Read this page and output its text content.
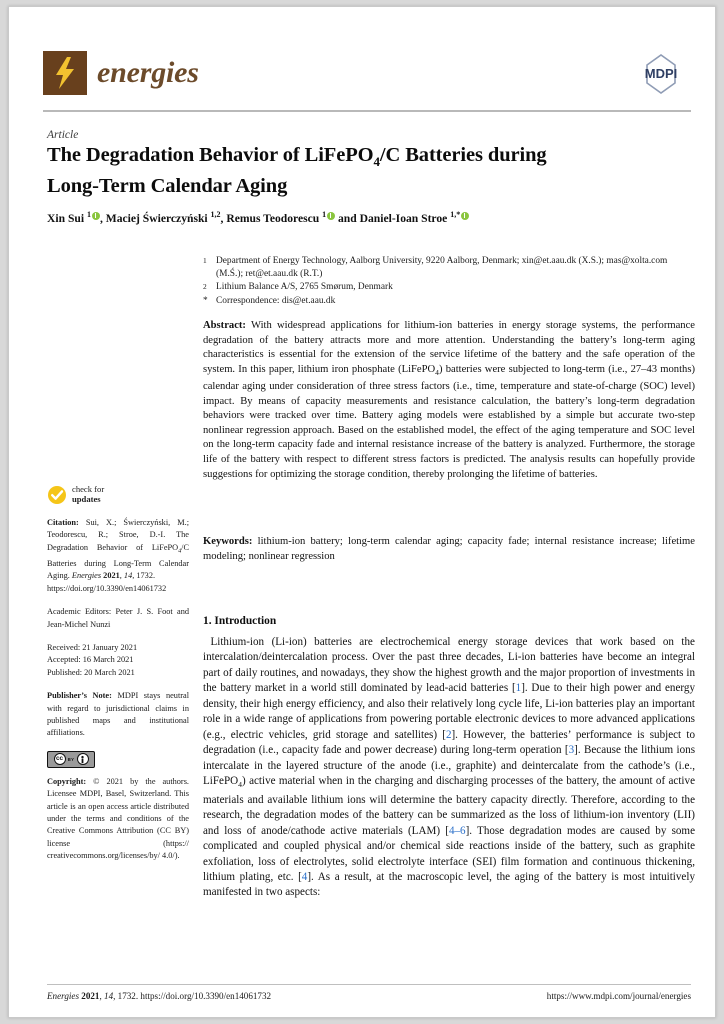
energies	MDPI
Article
The Degradation Behavior of LiFePO$_4$/C Batteries during
Long-Term Calendar Aging
Xin Sui $^1$ , Maciej Świerczyński $^{1,2}$, Remus Teodorescu $^1$ and Daniel-Ioan Stroe $^{1,*}$
1 Department of Energy Technology, Aalborg University, 9220 Aalborg, Denmark; xin@et.aau.dk (X.S.); mas@xolta.com (M.Ś.); ret@et.aau.dk (R.T.)
2 Lithium Balance A/S, 2765 Smørum, Denmark
* Correspondence: dis@et.aau.dk
Abstract: With widespread applications for lithium-ion batteries in energy storage systems, the performance degradation of the battery attracts more and more attention. Understanding the battery’s long-term aging characteristics is essential for the extension of the service lifetime of the battery and the safe operation of the system. In this paper, lithium iron phosphate (LiFePO$_4$) batteries were subjected to long-term (i.e., 27–43 months) calendar aging under consideration of three stress factors (i.e., time, temperature and state-of-charge (SOC) level) impact. By means of capacity measurements and resistance calculation, the battery’s long-term degradation behaviors were tracked over time. Battery aging models were established by a simple but accurate two-step nonlinear regression approach. Based on the established model, the effect of the aging temperature and SOC level on the long-term capacity fade and internal resistance increase of the battery is analyzed. Furthermore, the storage life of the battery with respect to different stress factors is predicted. The analysis results can hopefully provide suggestions for optimizing the storage condition, thereby prolonging the lifetime of batteries.
Keywords: lithium-ion battery; long-term calendar aging; capacity fade; internal resistance increase; lifetime modeling; nonlinear regression
check for
updates
Citation: Sui, X.; Świerczyński, M.; Teodorescu, R.; Stroe, D.-I. The Degradation Behavior of LiFePO$_4$/C Batteries during Long-Term Calendar Aging. Energies 2021, 14, 1732.
https://doi.org/10.3390/en14061732
Academic Editors: Peter J. S. Foot and Jean-Michel Nunzi
Received: 21 January 2021
Accepted: 16 March 2021
Published: 20 March 2021
Publisher’s Note: MDPI stays neutral with regard to jurisdictional claims in published maps and institutional affiliations.
cc	BY
Copyright: © 2021 by the authors. Licensee MDPI, Basel, Switzerland. This article is an open access article distributed under the terms and conditions of the Creative Commons Attribution (CC BY) license (https:// creativecommons.org/licenses/by/ 4.0/).
1. Introduction
Lithium-ion (Li-ion) batteries are electrochemical energy storage devices that work based on the intercalation/deintercalation process. Over the past three decades, Li-ion batteries have become an integral part of daily routines, and nowadays, they show the highest growth and the major proportion of investments in the battery market in a world still dominated by lead-acid batteries [1]. Due to their high power and energy density, their high energy efficiency, and also their relatively long cycle life, Li-ion batteries play an important role in a wide range of applications from powering portable electronic devices to more advanced applications (e.g., electric vehicles, grid storage and satellites) [2]. However, the batteries’ performance is subject to degradation (i.e., capacity fade and power decrease) during long-term operation [3]. Because the lithium ions intercalate in the layered structure of the anode (i.e., graphite) and deintercalate from the cathode’s (i.e., LiFePO$_4$) active material when in the charging and discharging processes of the battery, the amount of active materials and available lithium ions will determine the battery capacity directly. Therefore, according to the research, the degradation modes of the battery can be summarized as the loss of lithium-ion inventory (LII) and loss of anode/cathode active materials (LAM) [4–6]. Those degradation modes are caused by some complicated and coupled physical and/or chemical side reactions inside of the battery, such as graphite exfoliation, loss of electrolytes, solid electrolyte interface (SEI) film formation and continuous thickening, lithium plating, etc. [4]. As a result, at the macroscopic level, the aging of the battery is most intuitively manifested in two aspects:
Energies 2021, 14, 1732. https://doi.org/10.3390/en14061732	https://www.mdpi.com/journal/energies
